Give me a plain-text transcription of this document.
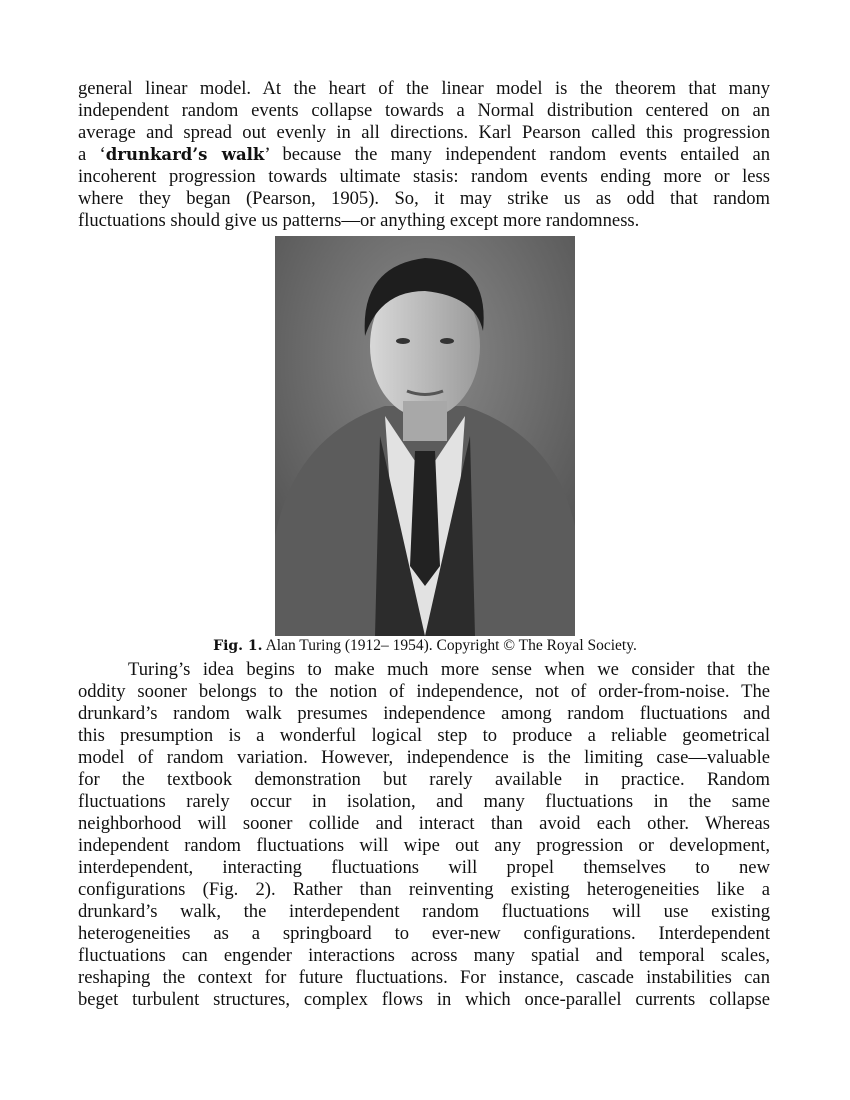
general linear model. At the heart of the linear model is the theorem that many
independent random events collapse towards a Normal distribution centered on an
average and spread out evenly in all directions. Karl Pearson called this progression
a ‘drunkard’s walk’ because the many independent random events entailed an
incoherent progression towards ultimate stasis: random events ending more or less
where they began (Pearson, 1905). So, it may strike us as odd that random
fluctuations should give us patterns—or anything except more randomness.
Fig. 1. Alan Turing (1912– 1954). Copyright © The Royal Society.
Turing’s idea begins to make much more sense when we consider that the
oddity sooner belongs to the notion of independence, not of order-from-noise. The
drunkard’s random walk presumes independence among random fluctuations and
this presumption is a wonderful logical step to produce a reliable geometrical
model of random variation. However, independence is the limiting case—valuable
for the textbook demonstration but rarely available in practice. Random
fluctuations rarely occur in isolation, and many fluctuations in the same
neighborhood will sooner collide and interact than avoid each other. Whereas
independent random fluctuations will wipe out any progression or development,
interdependent, interacting fluctuations will propel themselves to new
configurations (Fig. 2). Rather than reinventing existing heterogeneities like a
drunkard’s walk, the interdependent random fluctuations will use existing
heterogeneities as a springboard to ever-new configurations. Interdependent
fluctuations can engender interactions across many spatial and temporal scales,
reshaping the context for future fluctuations. For instance, cascade instabilities can
beget turbulent structures, complex flows in which once-parallel currents collapse
